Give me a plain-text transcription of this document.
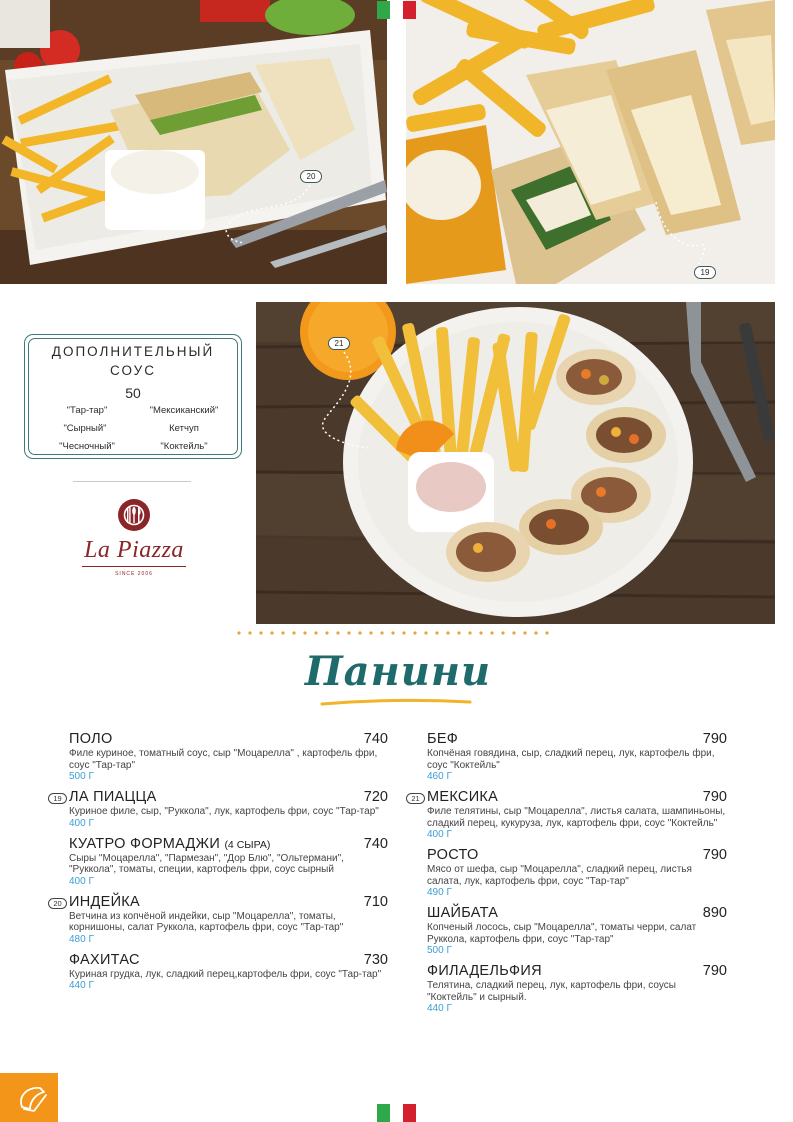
20
19
ДОПОЛНИТЕЛЬНЫЙ
СОУС
50
"Тар-тар"	"Мексиканский"
"Сырный"	Кетчуп
"Чесночный"	"Коктейль"
La Piazza
SINCE 2006
21
Панини
ПОЛО	740
Филе куриное, томатный соус, сыр "Моцарелла" , картофель фри, соус "Тар-тар"
500 Г
19 ЛА ПИАЦЦА	720
Куриное филе, сыр, "Руккола", лук, картофель фри, соус "Тар-тар"
400 Г
КУАТРО ФОРМАДЖИ (4 СЫРА)	740
Сыры "Моцарелла", "Пармезан", "Дор Блю", "Ольтермани", "Руккола", томаты, специи, картофель фри, соус сырный
400 Г
20 ИНДЕЙКА	710
Ветчина из копчёной индейки, сыр "Моцарелла", томаты, корнишоны, салат Руккола, картофель фри, соус "Тар-тар"
480 Г
ФАХИТАС	730
Куриная грудка, лук, сладкий перец,картофель фри, соус "Тар-тар"
440 Г
БЕФ	790
Копчёная говядина, сыр, сладкий перец, лук, картофель фри, соус "Коктейль"
460 Г
21 МЕКСИКА	790
Филе телятины, сыр "Моцарелла", листья салата, шампиньоны, сладкий перец, кукуруза, лук, картофель фри, соус "Коктейль"
400 Г
РОСТО	790
Мясо от шефа, сыр "Моцарелла", сладкий перец, листья салата, лук, картофель фри, соус "Тар-тар"
490 Г
ШАЙБАТА	890
Копченый лосось, сыр "Моцарелла", томаты черри, салат Руккола, картофель фри, соус "Тар-тар"
500 Г
ФИЛАДЕЛЬФИЯ	790
Телятина, сладкий перец, лук, картофель фри, соусы "Коктейль" и сырный.
440 Г
